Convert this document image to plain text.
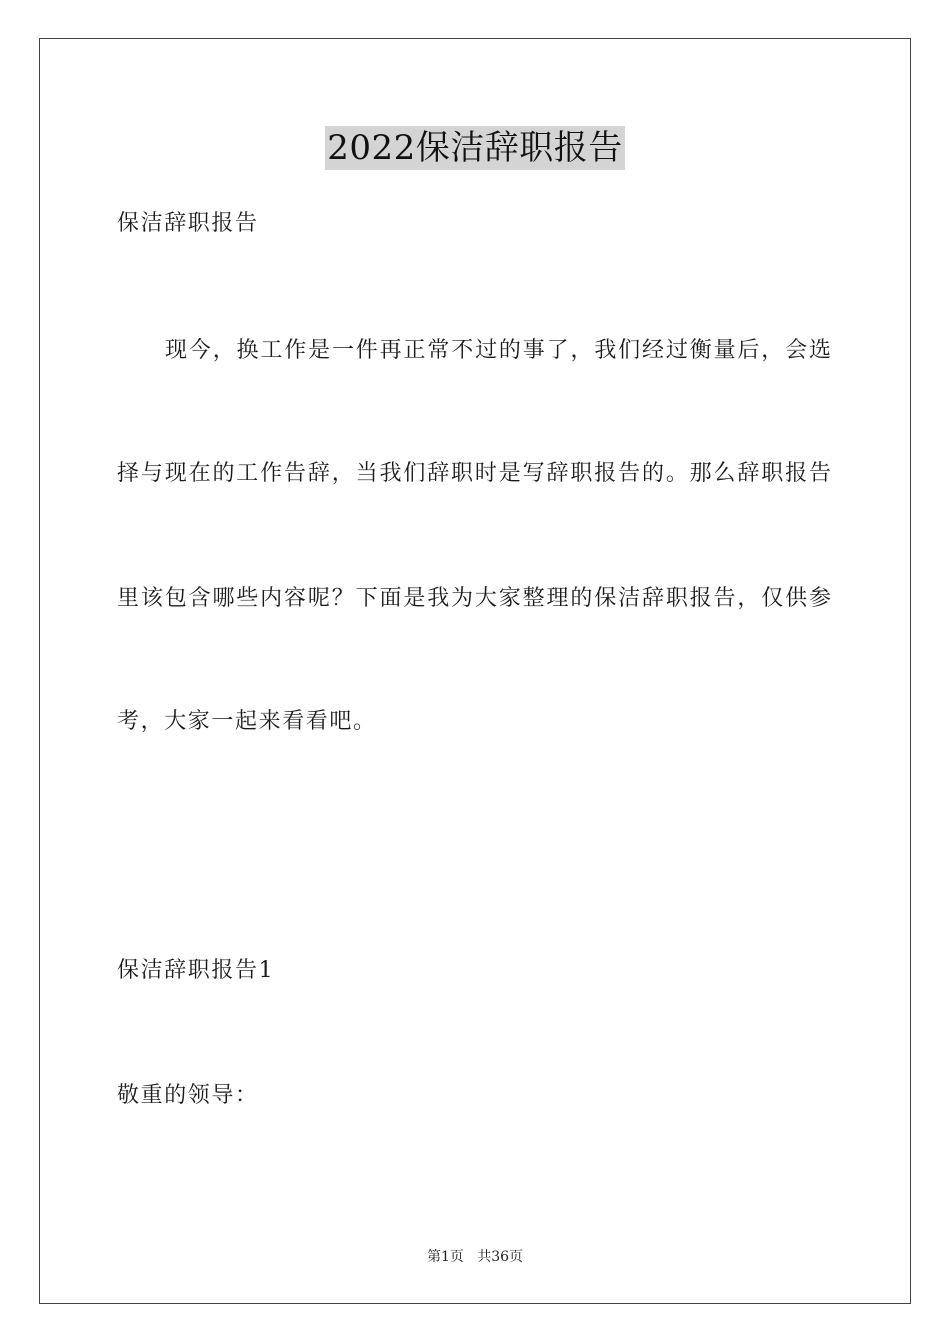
2022保洁辞职报告
保洁辞职报告
现今，换工作是一件再正常不过的事了，我们经过衡量后，会选
择与现在的工作告辞，当我们辞职时是写辞职报告的。那么辞职报告
里该包含哪些内容呢？下面是我为大家整理的保洁辞职报告，仅供参
考，大家一起来看看吧。
保洁辞职报告1
敬重的领导：
第1页   共36页
